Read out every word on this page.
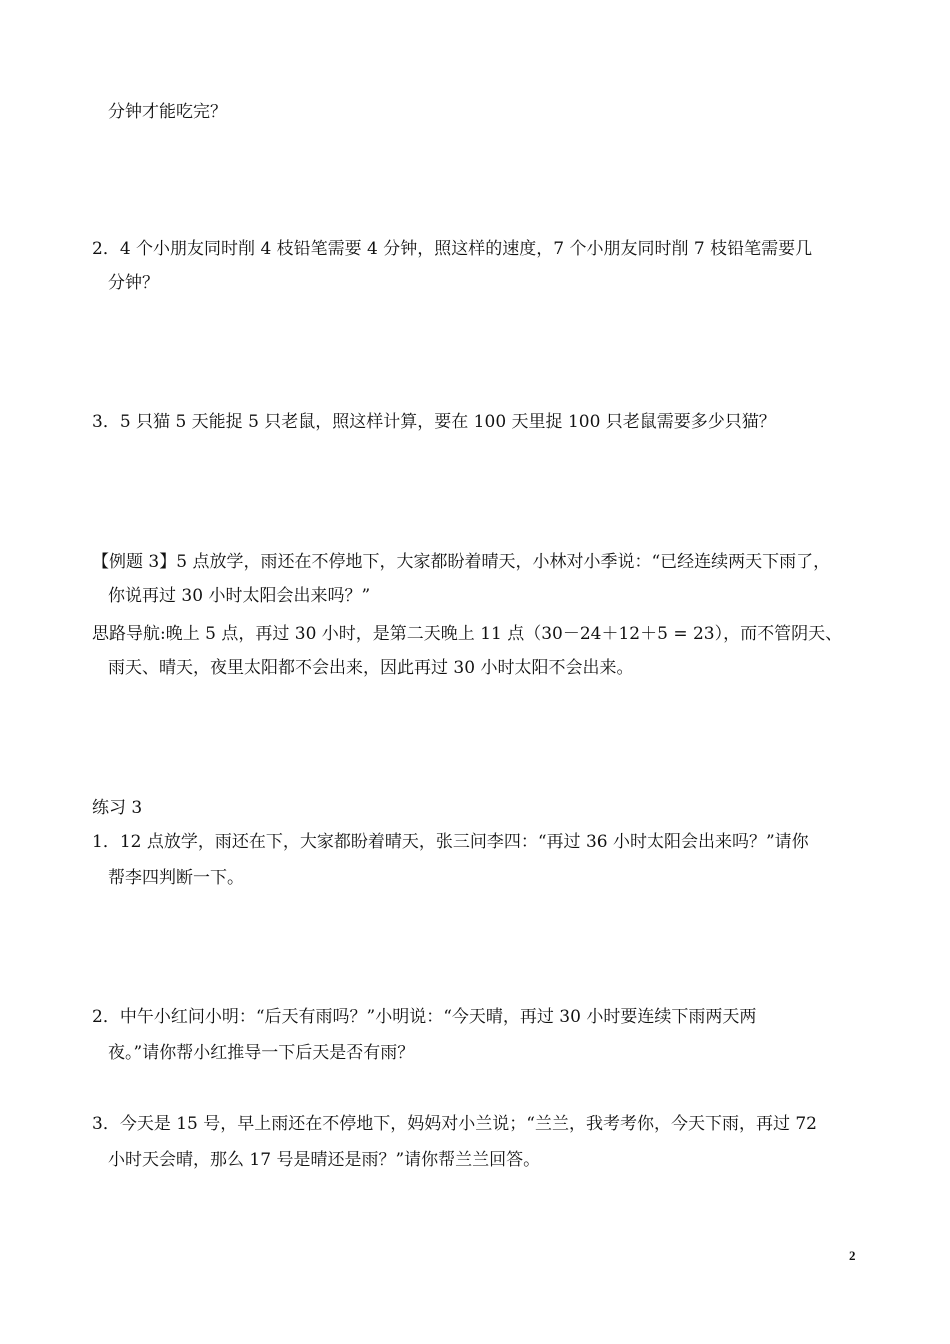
分钟才能吃完？
2．4 个小朋友同时削 4 枝铅笔需要 4 分钟，照这样的速度，7 个小朋友同时削 7 枝铅笔需要几
分钟？
3．5 只猫 5 天能捉 5 只老鼠，照这样计算，要在 100 天里捉 100 只老鼠需要多少只猫？
【例题 3】5 点放学，雨还在不停地下，大家都盼着晴天，小林对小季说：“已经连续两天下雨了，
你说再过 30 小时太阳会出来吗？”
思路导航:晚上 5 点，再过 30 小时，是第二天晚上 11 点（30－24＋12＋5 = 23），而不管阴天、
雨天、晴天，夜里太阳都不会出来，因此再过 30 小时太阳不会出来。
练习 3
1．12 点放学，雨还在下，大家都盼着晴天，张三问李四：“再过 36 小时太阳会出来吗？”请你
帮李四判断一下。
2．中午小红问小明：“后天有雨吗？”小明说：“今天晴，再过 30 小时要连续下雨两天两
夜。”请你帮小红推导一下后天是否有雨？
3．今天是 15 号，早上雨还在不停地下，妈妈对小兰说；“兰兰，我考考你，今天下雨，再过 72
小时天会晴，那么 17 号是晴还是雨？”请你帮兰兰回答。
2
